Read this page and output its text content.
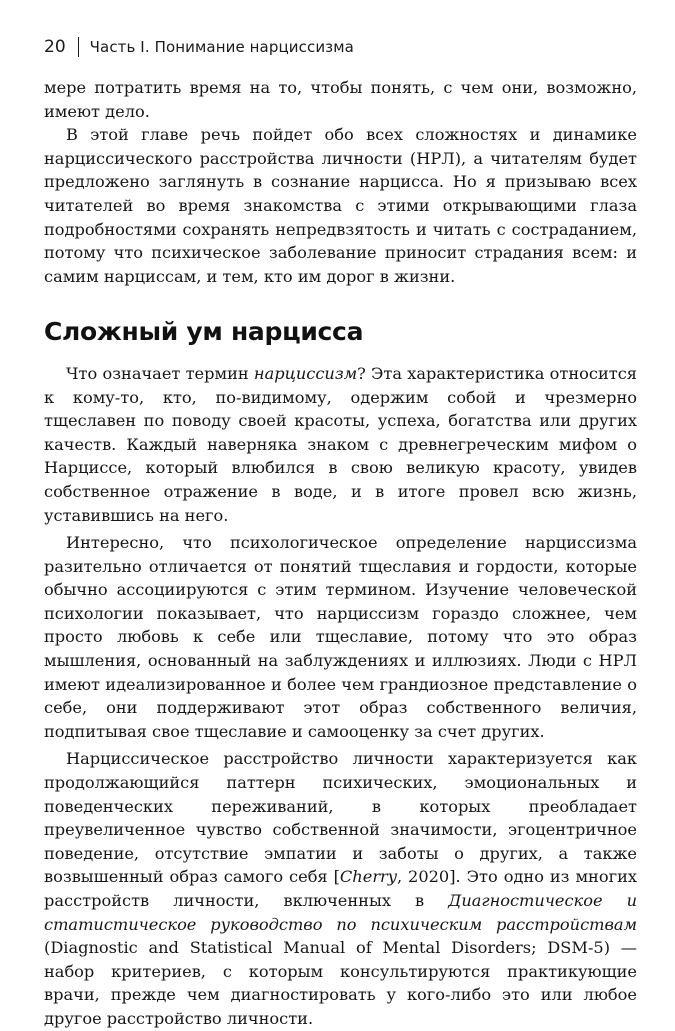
20 Часть I. Понимание нарциссизма

мере потратить время на то, чтобы понять, с чем они, возможно, имеют дело.

В этой главе речь пойдет обо всех сложностях и динамике нарциссического расстройства личности (НРЛ), а читателям будет предложено заглянуть в сознание нарцисса. Но я призываю всех читателей во время знакомства с этими открывающими глаза подробностями сохранять непредвзятость и читать с состраданием, потому что психическое заболевание приносит страдания всем: и самим нарциссам, и тем, кто им дорог в жизни.

Сложный ум нарцисса

Что означает термин нарциссизм? Эта характеристика относится к кому-то, кто, по-видимому, одержим собой и чрезмерно тщеславен по поводу своей красоты, успеха, богатства или других качеств. Каждый наверняка знаком с древнегреческим мифом о Нарциссе, который влюбился в свою великую красоту, увидев собственное отражение в воде, и в итоге провел всю жизнь, уставившись на него.

Интересно, что психологическое определение нарциссизма разительно отличается от понятий тщеславия и гордости, которые обычно ассоциируются с этим термином. Изучение человеческой психологии показывает, что нарциссизм гораздо сложнее, чем просто любовь к себе или тщеславие, потому что это образ мышления, основанный на заблуждениях и иллюзиях. Люди с НРЛ имеют идеализированное и более чем грандиозное представление о себе, они поддерживают этот образ собственного величия, подпитывая свое тщеславие и самооценку за счет других.

Нарциссическое расстройство личности характеризуется как продолжающийся паттерн психических, эмоциональных и поведенческих переживаний, в которых преобладает преувеличенное чувство собственной значимости, эгоцентричное поведение, отсутствие эмпатии и заботы о других, а также возвышенный образ самого себя [Cherry, 2020]. Это одно из многих расстройств личности, включенных в Диагностическое и статистическое руководство по психическим расстройствам (Diagnostic and Statistical Manual of Mental Disorders; DSM-5) — набор критериев, с которым консультируются практикующие врачи, прежде чем диагностировать у кого-либо это или любое другое расстройство личности.
